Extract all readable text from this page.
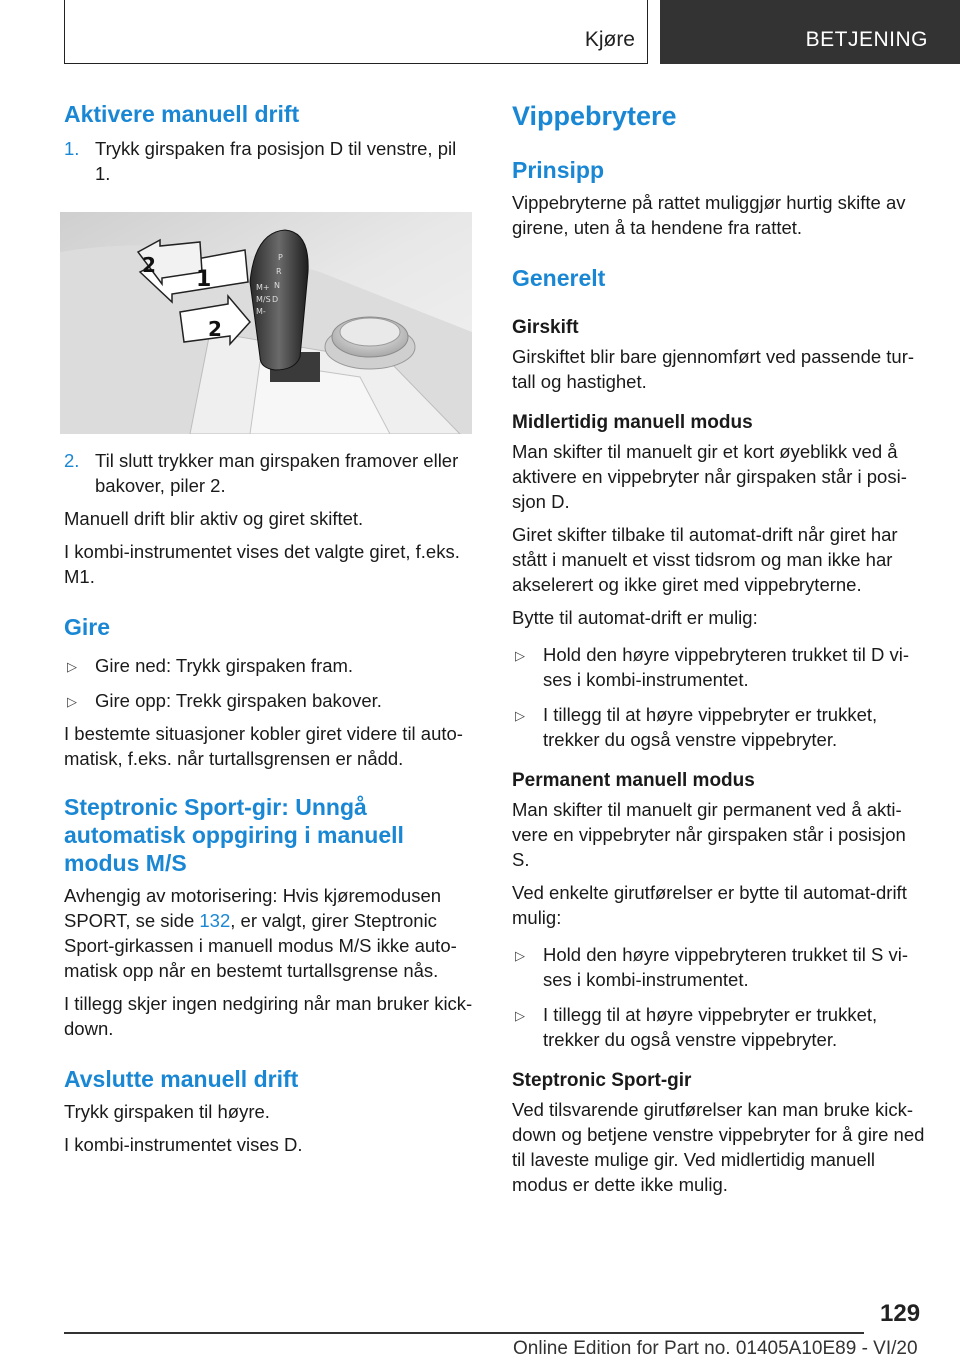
Kjøre	BETJENING
Aktivere manuell drift
1. Trykk girspaken fra posisjon D til venstre, pil 1.
P
R
N
D
M/S
M+
M-
1
2
2
2. Til slutt trykker man girspaken framover eller bakover, piler 2.

Manuell drift blir aktiv og giret skiftet.

I kombi-instrumentet vises det valgte giret, f.eks. M1.

Gire
▷ Gire ned: Trykk girspaken fram.
▷ Gire opp: Trekk girspaken bakover.

I bestemte situasjoner kobler giret videre til auto-matisk, f.eks. når turtallsgrensen er nådd.

Steptronic Sport-gir: Unngå automatisk oppgiring i manuell modus M/S

Avhengig av motorisering: Hvis kjøremodusen SPORT, se side 132, er valgt, girer Steptronic Sport-girkassen i manuell modus M/S ikke auto-matisk opp når en bestemt turtallsgrense nås.

I tillegg skjer ingen nedgiring når man bruker kick-down.

Avslutte manuell drift

Trykk girspaken til høyre.

I kombi-instrumentet vises D.

Vippebrytere
Prinsipp

Vippebryterne på rattet muliggjør hurtig skifte av girene, uten å ta hendene fra rattet.

Generelt
Girskift

Girskiftet blir bare gjennomført ved passende tur-tall og hastighet.

Midlertidig manuell modus

Man skifter til manuelt gir et kort øyeblikk ved å aktivere en vippebryter når girspaken står i posi-sjon D.

Giret skifter tilbake til automat-drift når giret har stått i manuelt et visst tidsrom og man ikke har akselerert og ikke giret med vippebryterne.

Bytte til automat-drift er mulig:

▷ Hold den høyre vippebryteren trukket til D vi-ses i kombi-instrumentet.
▷ I tillegg til at høyre vippebryter er trukket, trekker du også venstre vippebryter.
Permanent manuell modus

Man skifter til manuelt gir permanent ved å akti-vere en vippebryter når girspaken står i posisjon S.

Ved enkelte girutførelser er bytte til automat-drift mulig:

▷ Hold den høyre vippebryteren trukket til S vi-ses i kombi-instrumentet.
▷ I tillegg til at høyre vippebryter er trukket, trekker du også venstre vippebryter.
Steptronic Sport-gir

Ved tilsvarende girutførelser kan man bruke kick-down og betjene venstre vippebryter for å gire ned til laveste mulige gir. Ved midlertidig manuell modus er dette ikke mulig.

129
Online Edition for Part no. 01405A10E89 - VI/20
